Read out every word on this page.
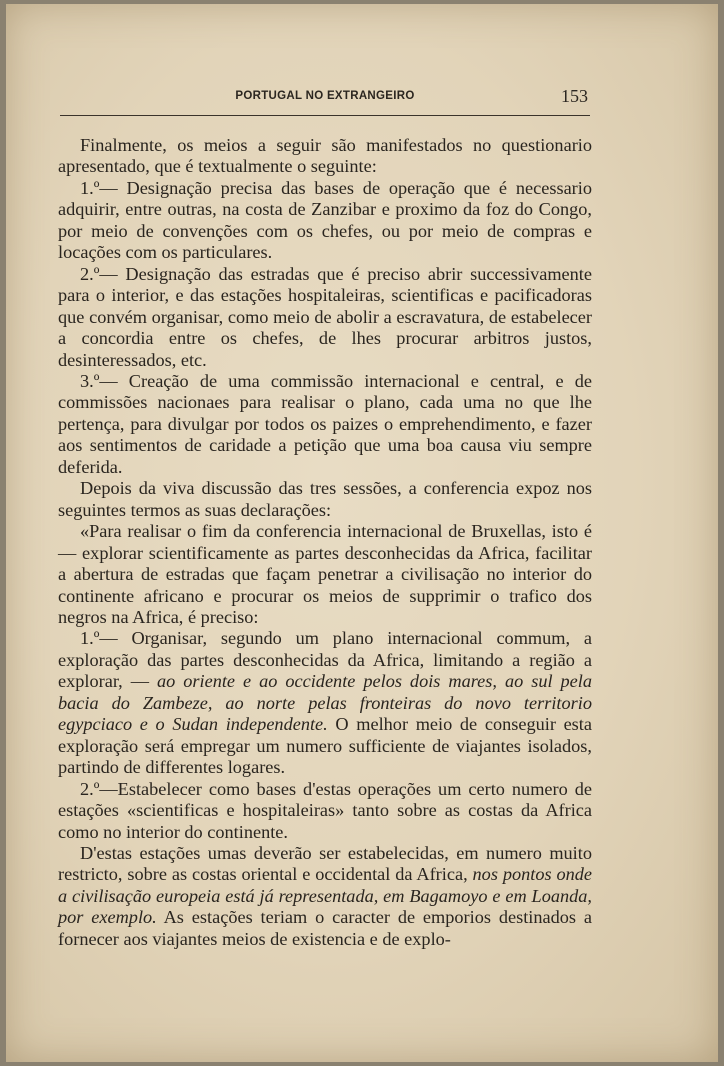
PORTUGAL NO EXTRANGEIRO	153

Finalmente, os meios a seguir são manifestados no questionario apresentado, que é textualmente o seguinte:

1.º— Designação precisa das bases de operação que é necessario adquirir, entre outras, na costa de Zanzibar e proximo da foz do Congo, por meio de convenções com os chefes, ou por meio de compras e locações com os particulares.

2.º— Designação das estradas que é preciso abrir successivamente para o interior, e das estações hospitaleiras, scientificas e pacificadoras que convém organisar, como meio de abolir a escravatura, de estabelecer a concordia entre os chefes, de lhes procurar arbitros justos, desinteressados, etc.

3.º— Creação de uma commissão internacional e central, e de commissões nacionaes para realisar o plano, cada uma no que lhe pertença, para divulgar por todos os paizes o emprehendimento, e fazer aos sentimentos de caridade a petição que uma boa causa viu sempre deferida.

Depois da viva discussão das tres sessões, a conferencia expoz nos seguintes termos as suas declarações:

«Para realisar o fim da conferencia internacional de Bruxellas, isto é — explorar scientificamente as partes desconhecidas da Africa, facilitar a abertura de estradas que façam penetrar a civilisação no interior do continente africano e procurar os meios de supprimir o trafico dos negros na Africa, é preciso:

1.º— Organisar, segundo um plano internacional commum, a exploração das partes desconhecidas da Africa, limitando a região a explorar, — ao oriente e ao occidente pelos dois mares, ao sul pela bacia do Zambeze, ao norte pelas fronteiras do novo territorio egypciaco e o Sudan independente. O melhor meio de conseguir esta exploração será empregar um numero sufficiente de viajantes isolados, partindo de differentes logares.

2.º—Estabelecer como bases d'estas operações um certo numero de estações «scientificas e hospitaleiras» tanto sobre as costas da Africa como no interior do continente.

D'estas estações umas deverão ser estabelecidas, em numero muito restricto, sobre as costas oriental e occidental da Africa, nos pontos onde a civilisação europeia está já representada, em Bagamoyo e em Loanda, por exemplo. As estações teriam o caracter de emporios destinados a fornecer aos viajantes meios de existencia e de explo-
